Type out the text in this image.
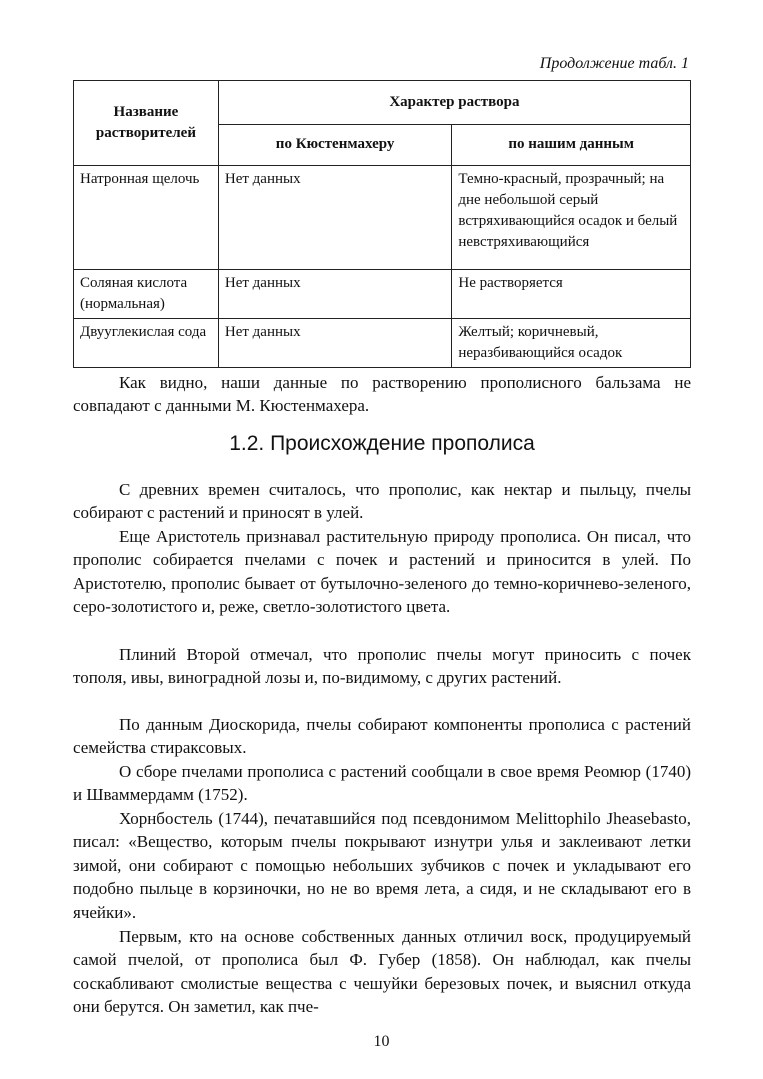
Продолжение табл. 1
Название растворителей	Характер раствора	
	по Кюстенмахеру	по нашим данным
Натронная щелочь	Нет данных	Темно-красный, прозрачный; на дне небольшой серый встряхивающийся осадок и белый невстряхивающийся
Соляная кислота (нормальная)	Нет данных	Не растворяется
Двууглекислая сода	Нет данных	Желтый; коричневый, неразбивающийся осадок

Как видно, наши данные по растворению прополисного бальзама не совпадают с данными М. Кюстенмахера.

1.2. Происхождение прополиса

С древних времен считалось, что прополис, как нектар и пыльцу, пчелы собирают с растений и приносят в улей.

Еще Аристотель признавал растительную природу прополиса. Он писал, что прополис собирается пчелами с почек и растений и приносится в улей. По Аристотелю, прополис бывает от бутылочно-зеленого до темно-коричнево-зеленого, серо-золотистого и, реже, светло-золотистого цвета.

Плиний Второй отмечал, что прополис пчелы могут приносить с почек тополя, ивы, виноградной лозы и, по-видимому, с других растений.

По данным Диоскорида, пчелы собирают компоненты прополиса с растений семейства стираксовых.

О сборе пчелами прополиса с растений сообщали в свое время Реомюр (1740) и Шваммердамм (1752).

Хорнбостель (1744), печатавшийся под псевдонимом Melittophilo Jheasebasto, писал: «Вещество, которым пчелы покрывают изнутри улья и заклеивают летки зимой, они собирают с помощью небольших зубчиков с почек и укладывают его подобно пыльце в корзиночки, но не во время лета, а сидя, и не складывают его в ячейки».

Первым, кто на основе собственных данных отличил воск, продуцируемый самой пчелой, от прополиса был Ф. Губер (1858). Он наблюдал, как пчелы соскабливают смолистые вещества с чешуйки березовых почек, и выяснил откуда они берутся. Он заметил, как пче-

10
